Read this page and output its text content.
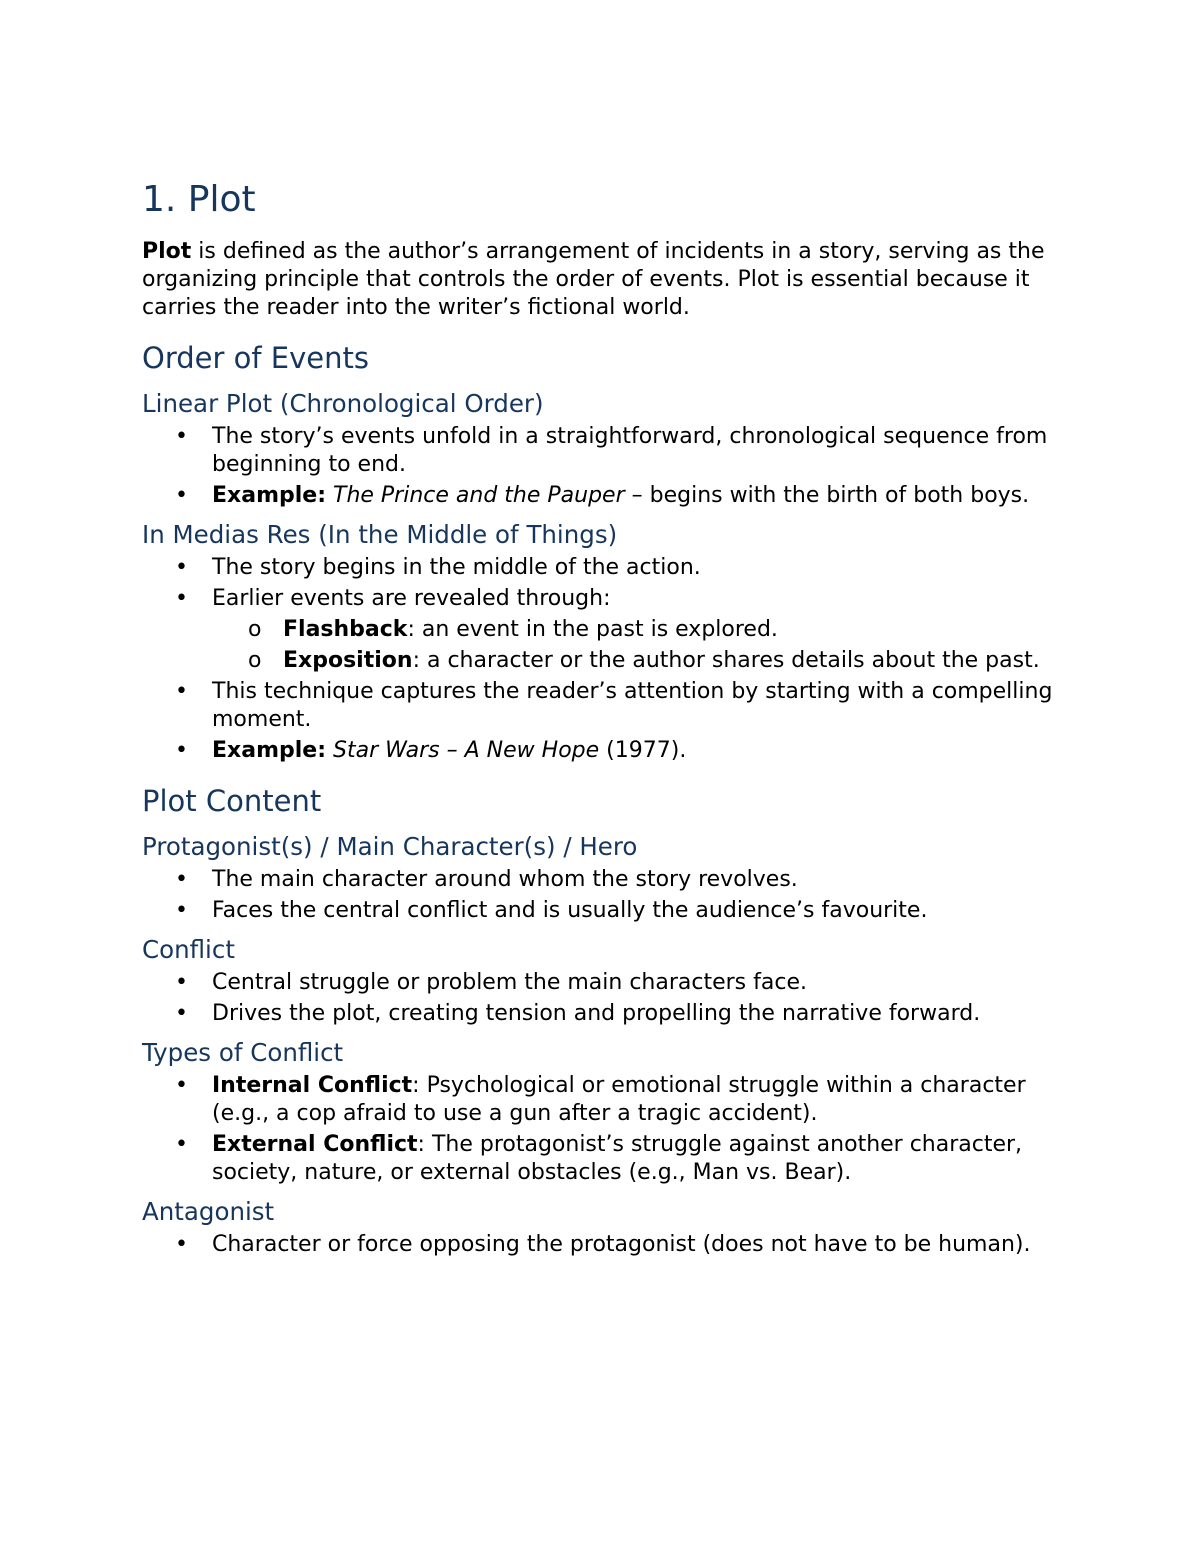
1. Plot

Plot is defined as the author’s arrangement of incidents in a story, serving as the organizing principle that controls the order of events. Plot is essential because it carries the reader into the writer’s fictional world.

Order of Events
Linear Plot (Chronological Order)
• The story’s events unfold in a straightforward, chronological sequence from beginning to end.
• Example: The Prince and the Pauper – begins with the birth of both boys.
In Medias Res (In the Middle of Things)
• The story begins in the middle of the action.
• Earlier events are revealed through:
o Flashback: an event in the past is explored.
o Exposition: a character or the author shares details about the past.
• This technique captures the reader’s attention by starting with a compelling moment.
• Example: Star Wars – A New Hope (1977).
Plot Content
Protagonist(s) / Main Character(s) / Hero
• The main character around whom the story revolves.
• Faces the central conflict and is usually the audience’s favourite.
Conflict
• Central struggle or problem the main characters face.
• Drives the plot, creating tension and propelling the narrative forward.
Types of Conflict
• Internal Conflict: Psychological or emotional struggle within a character (e.g., a cop afraid to use a gun after a tragic accident).
• External Conflict: The protagonist’s struggle against another character, society, nature, or external obstacles (e.g., Man vs. Bear).
Antagonist
• Character or force opposing the protagonist (does not have to be human).
